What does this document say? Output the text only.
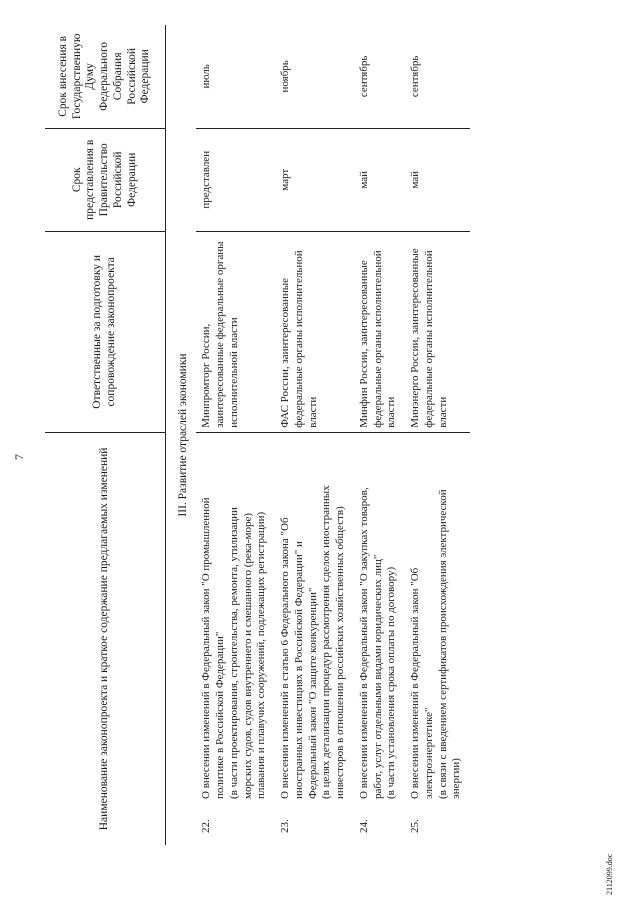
7	Наименование законопроекта и краткое содержание предлагаемых изменений	Ответственные за подготовку и сопровождение законопроекта	Срок представления в Правительство Российской Федерации	Срок внесения в Государственную Думу Федерального Собрания Российской Федерации
III. Развитие отраслей экономики			
22.
О внесении изменений в Федеральный закон "О промышленной политике в Российской Федерации" (в части проектирования, строительства, ремонта, утилизации морских судов, судов внутреннего и смешанного (река-море) плавания и плавучих сооружений, подлежащих регистрации)	Минпромторг России, заинтересованные федеральные органы исполнительной власти	представлен	июль
23.
О внесении изменений в статью 6 Федерального закона "Об иностранных инвестициях в Российской Федерации" и Федеральный закон "О защите конкуренции" (в целях детализации процедур рассмотрения сделок иностранных инвесторов в отношении российских хозяйственных обществ)	ФАС России, заинтересованные федеральные органы исполнительной власти	март	ноябрь
24.
О внесении изменений в Федеральный закон "О закупках товаров, работ, услуг отдельными видами юридических лиц" (в части установления срока оплаты по договору)	Минфин России, заинтересованные федеральные органы исполнительной власти	май	сентябрь
25.
О внесении изменений в Федеральный закон "Об электроэнергетике" (в связи с введением сертификатов происхождения электрической энергии)	Минэнерго России, заинтересованные федеральные органы исполнительной власти	май	сентябрь
2112099.doc
